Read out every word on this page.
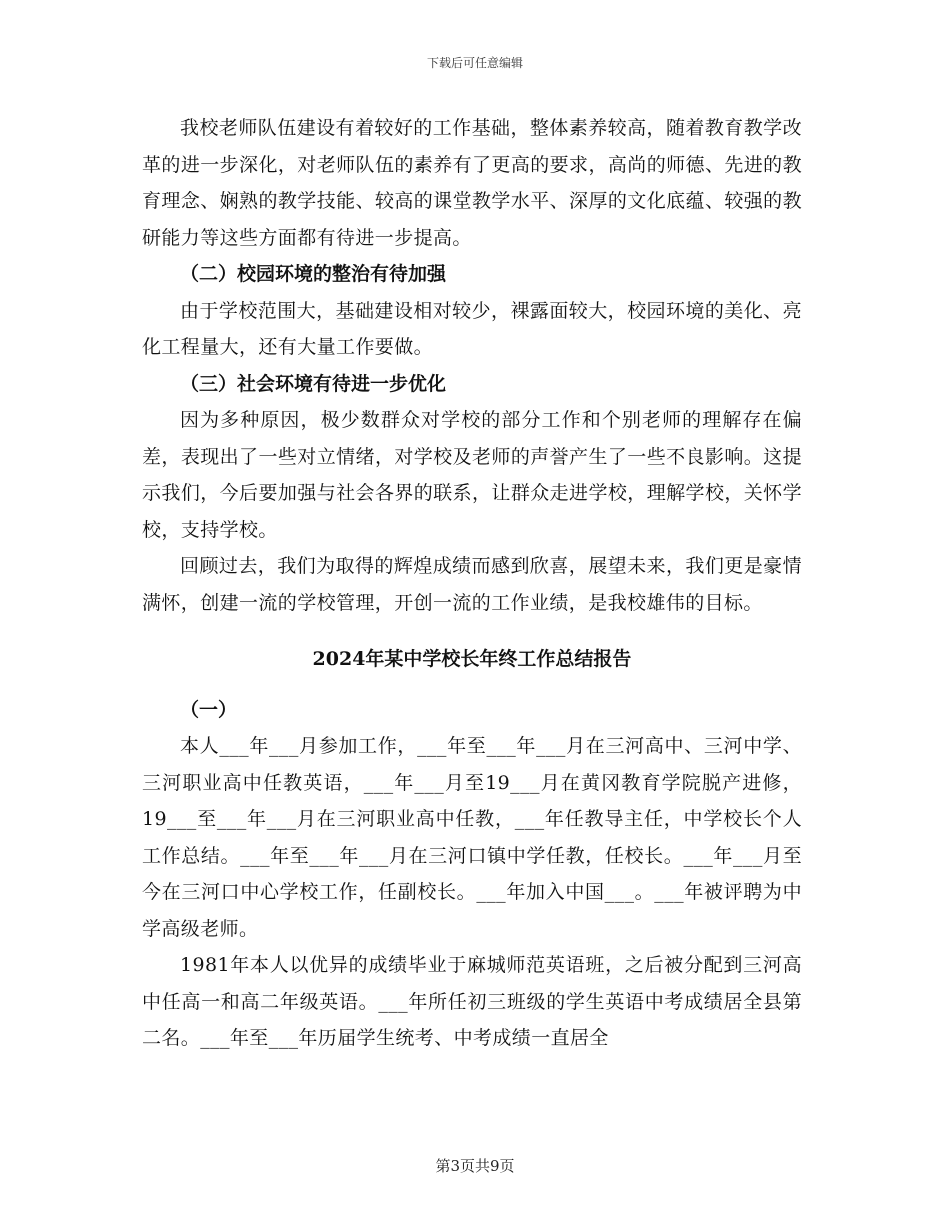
下载后可任意编辑

我校老师队伍建设有着较好的工作基础，整体素养较高，随着教育教学改革的进一步深化，对老师队伍的素养有了更高的要求，高尚的师德、先进的教育理念、娴熟的教学技能、较高的课堂教学水平、深厚的文化底蕴、较强的教研能力等这些方面都有待进一步提高。

（二）校园环境的整治有待加强

由于学校范围大，基础建设相对较少，裸露面较大，校园环境的美化、亮化工程量大，还有大量工作要做。

（三）社会环境有待进一步优化

因为多种原因，极少数群众对学校的部分工作和个别老师的理解存在偏差，表现出了一些对立情绪，对学校及老师的声誉产生了一些不良影响。这提示我们，今后要加强与社会各界的联系，让群众走进学校，理解学校，关怀学校，支持学校。

回顾过去，我们为取得的辉煌成绩而感到欣喜，展望未来，我们更是豪情满怀，创建一流的学校管理，开创一流的工作业绩，是我校雄伟的目标。

2024年某中学校长年终工作总结报告

（一）

本人___年___月参加工作，___年至___年___月在三河高中、三河中学、三河职业高中任教英语，___年___月至19___月在黄冈教育学院脱产进修，19___至___年___月在三河职业高中任教，___年任教导主任，中学校长个人工作总结。___年至___年___月在三河口镇中学任教，任校长。___年___月至今在三河口中心学校工作，任副校长。___年加入中国___。___年被评聘为中学高级老师。

1981年本人以优异的成绩毕业于麻城师范英语班，之后被分配到三河高中任高一和高二年级英语。___年所任初三班级的学生英语中考成绩居全县第二名。___年至___年历届学生统考、中考成绩一直居全

第3页共9页
